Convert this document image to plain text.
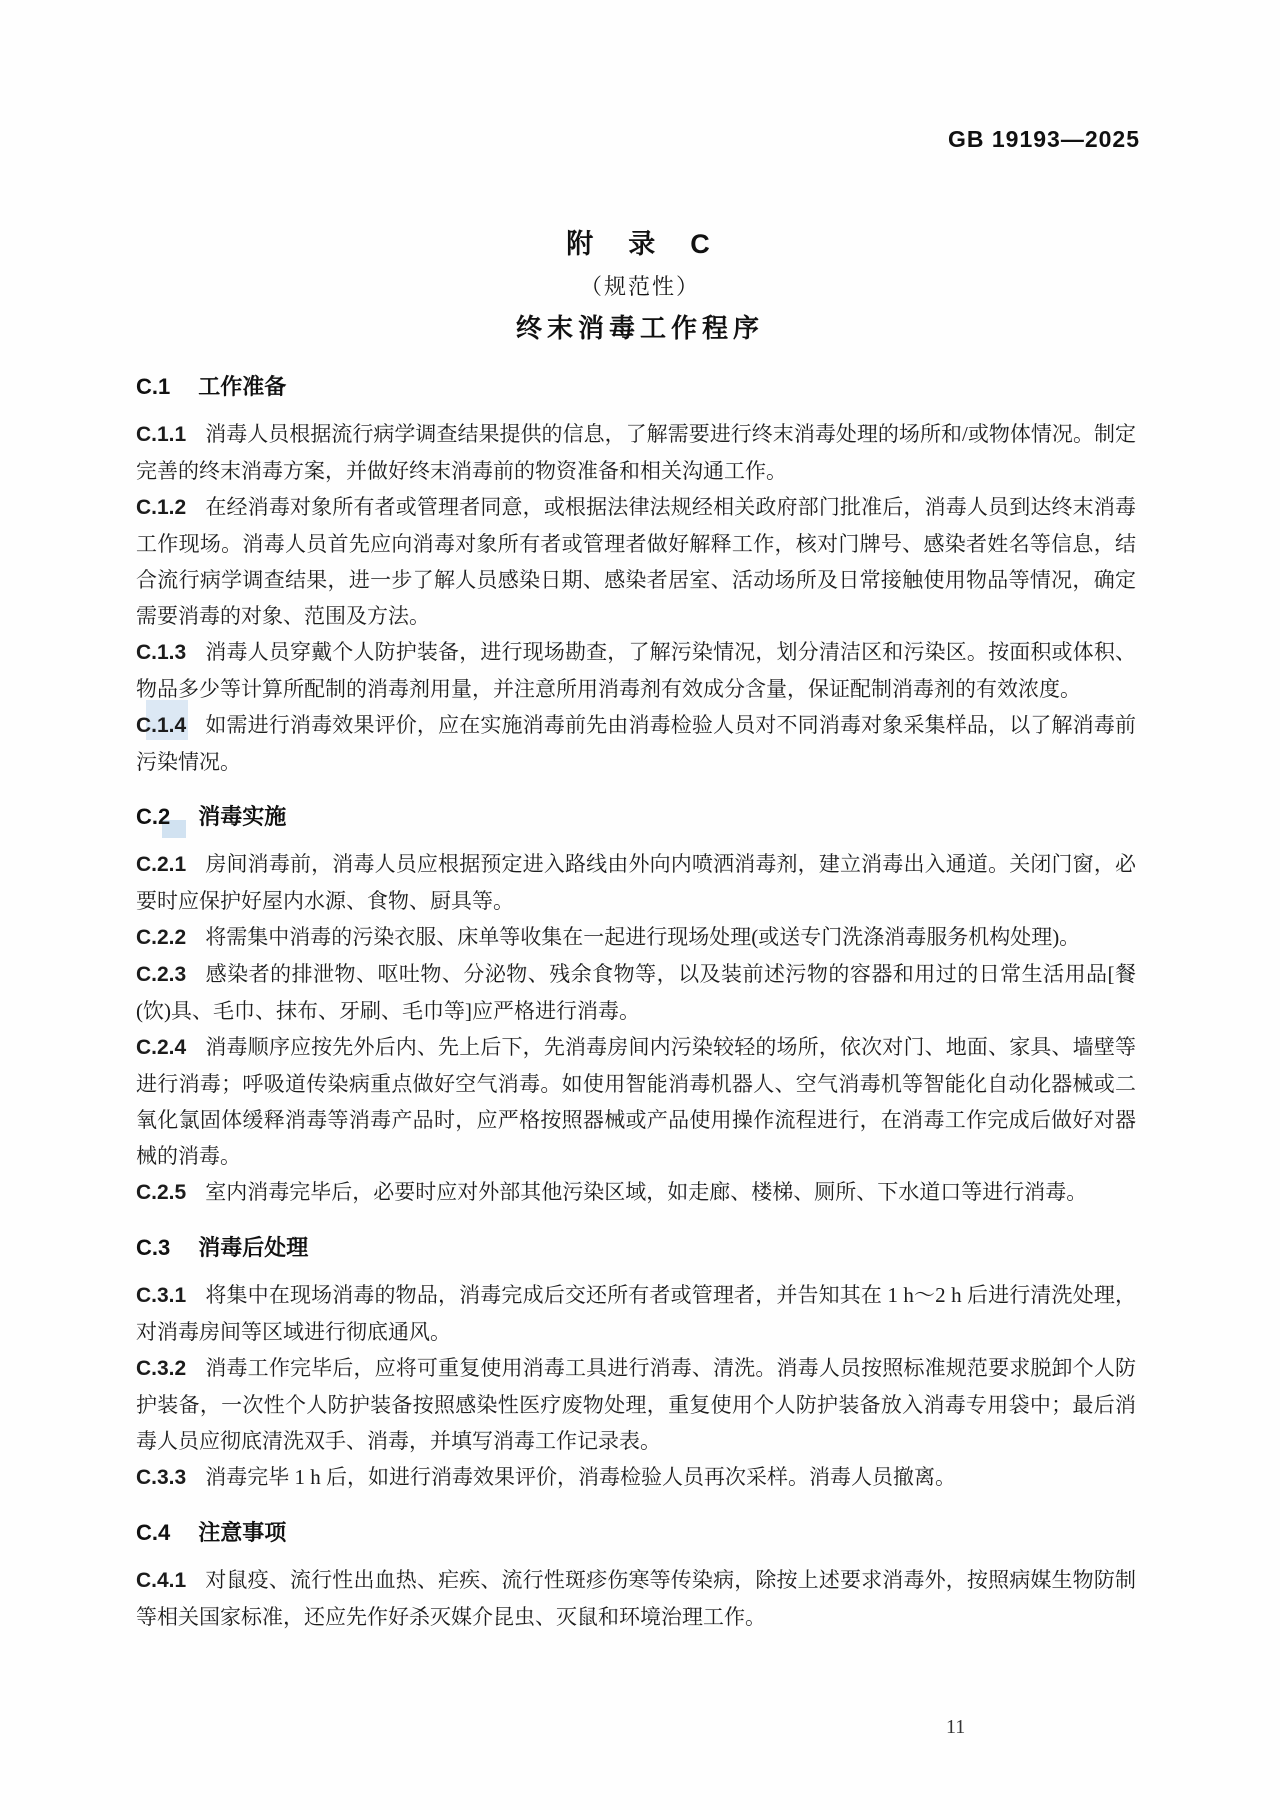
GB 19193—2025
附　录　C
（规范性）
终末消毒工作程序
C.1 工作准备

C.1.1 消毒人员根据流行病学调查结果提供的信息，了解需要进行终末消毒处理的场所和/或物体情况。制定完善的终末消毒方案，并做好终末消毒前的物资准备和相关沟通工作。

C.1.2 在经消毒对象所有者或管理者同意，或根据法律法规经相关政府部门批准后，消毒人员到达终末消毒工作现场。消毒人员首先应向消毒对象所有者或管理者做好解释工作，核对门牌号、感染者姓名等信息，结合流行病学调查结果，进一步了解人员感染日期、感染者居室、活动场所及日常接触使用物品等情况，确定需要消毒的对象、范围及方法。

C.1.3 消毒人员穿戴个人防护装备，进行现场勘查，了解污染情况，划分清洁区和污染区。按面积或体积、物品多少等计算所配制的消毒剂用量，并注意所用消毒剂有效成分含量，保证配制消毒剂的有效浓度。

C.1.4 如需进行消毒效果评价，应在实施消毒前先由消毒检验人员对不同消毒对象采集样品，以了解消毒前污染情况。

C.2 消毒实施

C.2.1 房间消毒前，消毒人员应根据预定进入路线由外向内喷洒消毒剂，建立消毒出入通道。关闭门窗，必要时应保护好屋内水源、食物、厨具等。

C.2.2 将需集中消毒的污染衣服、床单等收集在一起进行现场处理(或送专门洗涤消毒服务机构处理)。

C.2.3 感染者的排泄物、呕吐物、分泌物、残余食物等，以及装前述污物的容器和用过的日常生活用品[餐(饮)具、毛巾、抹布、牙刷、毛巾等]应严格进行消毒。

C.2.4 消毒顺序应按先外后内、先上后下，先消毒房间内污染较轻的场所，依次对门、地面、家具、墙壁等进行消毒；呼吸道传染病重点做好空气消毒。如使用智能消毒机器人、空气消毒机等智能化自动化器械或二氧化氯固体缓释消毒等消毒产品时，应严格按照器械或产品使用操作流程进行，在消毒工作完成后做好对器械的消毒。

C.2.5 室内消毒完毕后，必要时应对外部其他污染区域，如走廊、楼梯、厕所、下水道口等进行消毒。

C.3 消毒后处理

C.3.1 将集中在现场消毒的物品，消毒完成后交还所有者或管理者，并告知其在 1 h～2 h 后进行清洗处理，对消毒房间等区域进行彻底通风。

C.3.2 消毒工作完毕后，应将可重复使用消毒工具进行消毒、清洗。消毒人员按照标准规范要求脱卸个人防护装备，一次性个人防护装备按照感染性医疗废物处理，重复使用个人防护装备放入消毒专用袋中；最后消毒人员应彻底清洗双手、消毒，并填写消毒工作记录表。

C.3.3 消毒完毕 1 h 后，如进行消毒效果评价，消毒检验人员再次采样。消毒人员撤离。

C.4 注意事项

C.4.1 对鼠疫、流行性出血热、疟疾、流行性斑疹伤寒等传染病，除按上述要求消毒外，按照病媒生物防制等相关国家标准，还应先作好杀灭媒介昆虫、灭鼠和环境治理工作。

11
